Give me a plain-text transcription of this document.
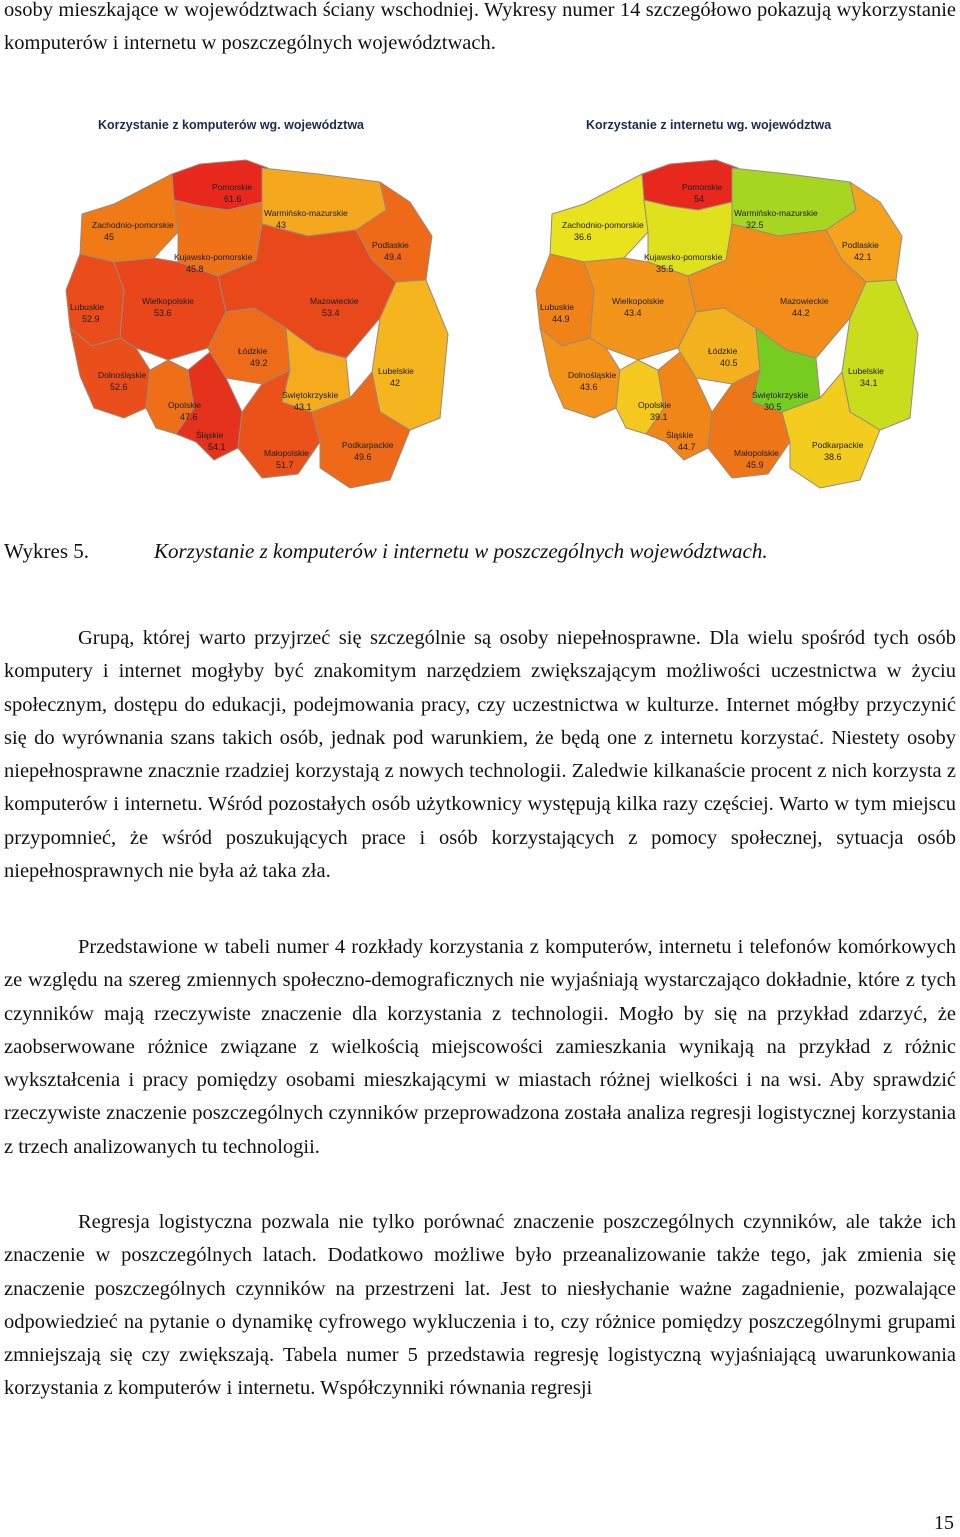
osoby mieszkające w województwach ściany wschodniej. Wykresy numer 14 szczegółowo pokazują wykorzystanie komputerów i internetu w poszczególnych województwach.

Pomorskie
61.6
Zachodnio-pomorskie
45
Warmińsko-mazurskie
43
Kujawsko-pomorskie
45.8
Podlaskie
49.4
Lubuskie
52.9
Wielkopolskie
53.6
Mazowieckie
53.4
Łódzkie
49.2
Dolnośląskie
52.6
Lubelskie
42
Świętokrzyskie
43.1
Opolskie
47.6
Śląskie
54.1
Małopolskie
51.7
Podkarpackie
49.6
Korzystanie z komputerów wg. województwa
Pomorskie
54
Zachodnio-pomorskie
36.6
Warmińsko-mazurskie
32.5
Kujawsko-pomorskie
35.5
Podlaskie
42.1
Lubuskie
44.9
Wielkopolskie
43.4
Mazowieckie
44.2
Łódzkie
40.5
Dolnośląskie
43.6
Lubelskie
34.1
Świętokrzyskie
30.5
Opolskie
39.1
Śląskie
44.7
Małopolskie
45.9
Podkarpackie
38.6
Korzystanie z internetu wg. województwa
Wykres 5.	Korzystanie z komputerów i internetu w poszczególnych województwach.

Grupą, której warto przyjrzeć się szczególnie są osoby niepełnosprawne. Dla wielu spośród tych osób komputery i internet mogłyby być znakomitym narzędziem zwiększającym możliwości uczestnictwa w życiu społecznym, dostępu do edukacji, podejmowania pracy, czy uczestnictwa w kulturze. Internet mógłby przyczynić się do wyrównania szans takich osób, jednak pod warunkiem, że będą one z internetu korzystać. Niestety osoby niepełnosprawne znacznie rzadziej korzystają z nowych technologii. Zaledwie kilkanaście procent z nich korzysta z komputerów i internetu. Wśród pozostałych osób użytkownicy występują kilka razy częściej. Warto w tym miejscu przypomnieć, że wśród poszukujących prace i osób korzystających z pomocy społecznej, sytuacja osób niepełnosprawnych nie była aż taka zła.

Przedstawione w tabeli numer 4 rozkłady korzystania z komputerów, internetu i telefonów komórkowych ze względu na szereg zmiennych społeczno-demograficznych nie wyjaśniają wystarczająco dokładnie, które z tych czynników mają rzeczywiste znaczenie dla korzystania z technologii. Mogło by się na przykład zdarzyć, że zaobserwowane różnice związane z wielkością miejscowości zamieszkania wynikają na przykład z różnic wykształcenia i pracy pomiędzy osobami mieszkającymi w miastach różnej wielkości i na wsi. Aby sprawdzić rzeczywiste znaczenie poszczególnych czynników przeprowadzona została analiza regresji logistycznej korzystania z trzech analizowanych tu technologii.

Regresja logistyczna pozwala nie tylko porównać znaczenie poszczególnych czynników, ale także ich znaczenie w poszczególnych latach. Dodatkowo możliwe było przeanalizowanie także tego, jak zmienia się znaczenie poszczególnych czynników na przestrzeni lat. Jest to niesłychanie ważne zagadnienie, pozwalające odpowiedzieć na pytanie o dynamikę cyfrowego wykluczenia i to, czy różnice pomiędzy poszczególnymi grupami zmniejszają się czy zwiększają. Tabela numer 5 przedstawia regresję logistyczną wyjaśniającą uwarunkowania korzystania z komputerów i internetu. Współczynniki równania regresji

15
